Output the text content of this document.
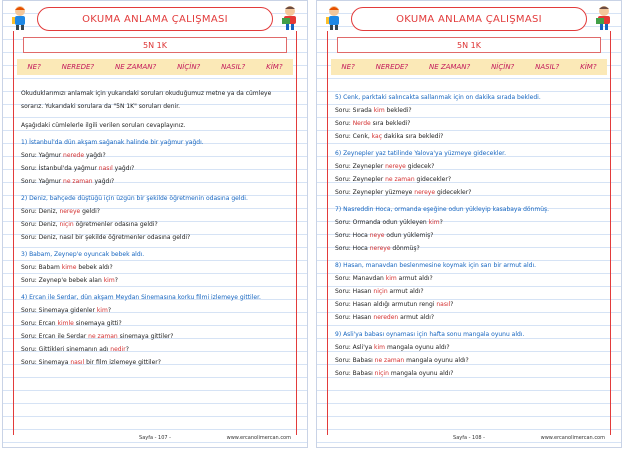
OKUMA ANLAMA ÇALIŞMASI
5N 1K
NE?	NEREDE?	NE ZAMAN?	NİÇİN?	NASIL?	KİM?

Okuduklarımızı anlamak için yukarıdaki soruları okuduğumuz metne ya da cümleye sorarız. Yukarıdaki sorulara da "5N 1K" soruları denir.

Aşağıdaki cümlelerle ilgili verilen soruları cevaplayınız.

1) İstanbul'da dün akşam sağanak halinde bir yağmur yağdı.
Soru: Yağmur nerede yağdı?
Soru: İstanbul'da yağmur nasıl yağdı?
Soru: Yağmur ne zaman yağdı?
2) Deniz, bahçede düştüğü için üzgün bir şekilde öğretmenin odasına geldi.
Soru: Deniz, nereye geldi?
Soru: Deniz, niçin öğretmenler odasına geldi?
Soru: Deniz, nasıl bir şekilde öğretmenler odasına geldi?
3) Babam, Zeynep'e oyuncak bebek aldı.
Soru: Babam kime bebek aldı?
Soru: Zeynep'e bebek alan kim?
4) Ercan ile Serdar, dün akşam Meydan Sinemasına korku filmi izlemeye gittiler.
Soru: Sinemaya gidenler kim?
Soru: Ercan kimle sinemaya gitti?
Soru: Ercan ile Serdar ne zaman sinemaya gittiler?
Soru: Gittikleri sinemanın adı nedir?
Soru: Sinemaya nasıl bir film izlemeye gittiler?
Sayfa - 107 -	www.ercanolimercan.com
OKUMA ANLAMA ÇALIŞMASI
5N 1K
NE?	NEREDE?	NE ZAMAN?	NİÇİN?	NASIL?	KİM?
5) Cenk, parktaki salıncakta sallanmak için on dakika sırada bekledi.
Soru: Sırada kim bekledi?
Soru: Nerde sıra bekledi?
Soru: Cenk, kaç dakika sıra bekledi?
6) Zeynepler yaz tatilinde Yalova'ya yüzmeye gidecekler.
Soru: Zeynepler nereye gidecek?
Soru: Zeynepler ne zaman gidecekler?
Soru: Zeynepler yüzmeye nereye gidecekler?
7) Nasreddin Hoca, ormanda eşeğine odun yükleyip kasabaya dönmüş.
Soru: Ormanda odun yükleyen kim?
Soru: Hoca neye odun yüklemiş?
Soru: Hoca nereye dönmüş?
8) Hasan, manavdan beslenmesine koymak için sarı bir armut aldı.
Soru: Manavdan kim armut aldı?
Soru: Hasan niçin armut aldı?
Soru: Hasan aldığı armutun rengi nasıl?
Soru: Hasan nereden armut aldı?
9) Asli'ya babası oynaması için hafta sonu mangala oyunu aldı.
Soru: Asli'ya kim mangala oyunu aldı?
Soru: Babası ne zaman mangala oyunu aldı?
Soru: Babası niçin mangala oyunu aldı?
Sayfa - 108 -	www.ercanolimercan.com
